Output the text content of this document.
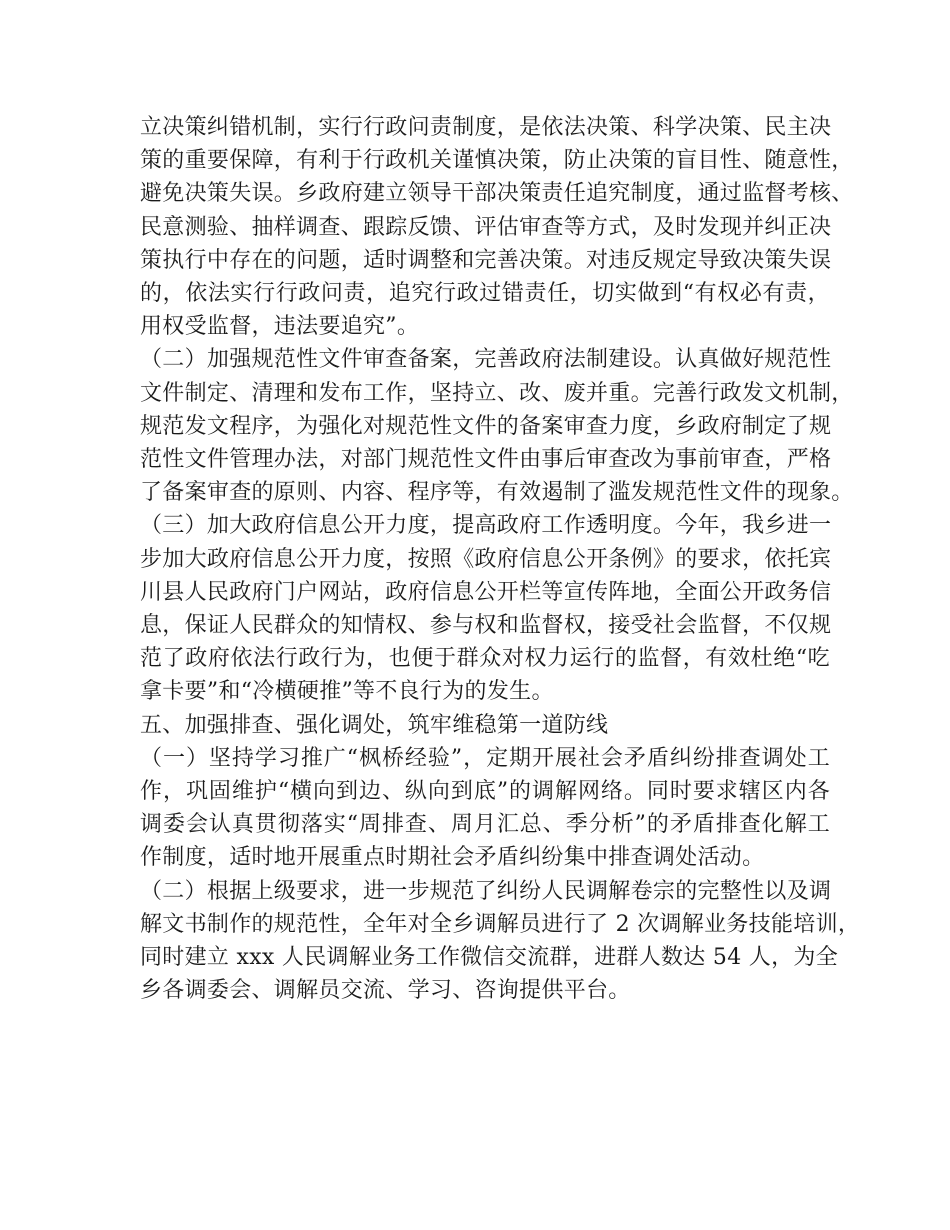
立决策纠错机制，实行行政问责制度，是依法决策、科学决策、民主决
策的重要保障，有利于行政机关谨慎决策，防止决策的盲目性、随意性，
避免决策失误。乡政府建立领导干部决策责任追究制度，通过监督考核、
民意测验、抽样调查、跟踪反馈、评估审查等方式，及时发现并纠正决
策执行中存在的问题，适时调整和完善决策。对违反规定导致决策失误
的，依法实行行政问责，追究行政过错责任，切实做到“有权必有责，
用权受监督，违法要追究”。
（二）加强规范性文件审查备案，完善政府法制建设。认真做好规范性
文件制定、清理和发布工作，坚持立、改、废并重。完善行政发文机制，
规范发文程序，为强化对规范性文件的备案审查力度，乡政府制定了规
范性文件管理办法，对部门规范性文件由事后审查改为事前审查，严格
了备案审查的原则、内容、程序等，有效遏制了滥发规范性文件的现象。
（三）加大政府信息公开力度，提高政府工作透明度。今年，我乡进一
步加大政府信息公开力度，按照《政府信息公开条例》的要求，依托宾
川县人民政府门户网站，政府信息公开栏等宣传阵地，全面公开政务信
息，保证人民群众的知情权、参与权和监督权，接受社会监督，不仅规
范了政府依法行政行为，也便于群众对权力运行的监督，有效杜绝“吃
拿卡要”和“冷横硬推”等不良行为的发生。
五、加强排查、强化调处，筑牢维稳第一道防线
（一）坚持学习推广“枫桥经验”，定期开展社会矛盾纠纷排查调处工
作，巩固维护“横向到边、纵向到底”的调解网络。同时要求辖区内各
调委会认真贯彻落实“周排查、周月汇总、季分析”的矛盾排查化解工
作制度，适时地开展重点时期社会矛盾纠纷集中排查调处活动。
（二）根据上级要求，进一步规范了纠纷人民调解卷宗的完整性以及调
解文书制作的规范性，全年对全乡调解员进行了 2 次调解业务技能培训，
同时建立 xxx 人民调解业务工作微信交流群，进群人数达 54 人，为全
乡各调委会、调解员交流、学习、咨询提供平台。
